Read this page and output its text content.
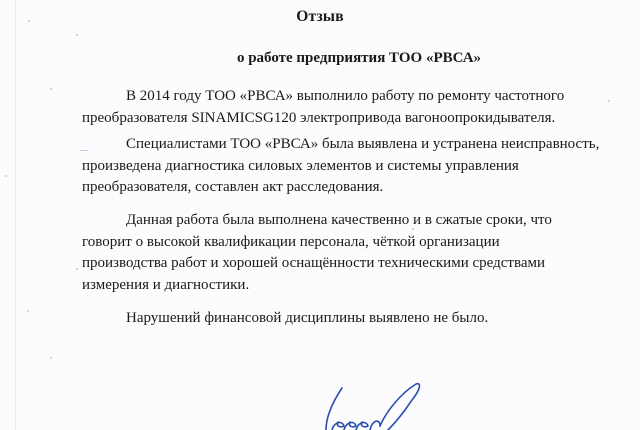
Отзыв
о работе предприятия ТОО «РВСА»

В 2014 году ТОО «РВСА» выполнило работу по ремонту частотного
преобразователя SINAMICSG120 электропривода вагоноопрокидывателя.

Специалистами ТОО «РВСА» была выявлена и устранена неисправность,
произведена диагностика силовых элементов и системы управления
преобразователя, составлен акт расследования.

Данная работа была выполнена качественно и в сжатые сроки, что
говорит о высокой квалификации персонала, чёткой организации
производства работ и хорошей оснащённости техническими средствами
измерения и диагностики.

Нарушений финансовой дисциплины выявлено не было.
